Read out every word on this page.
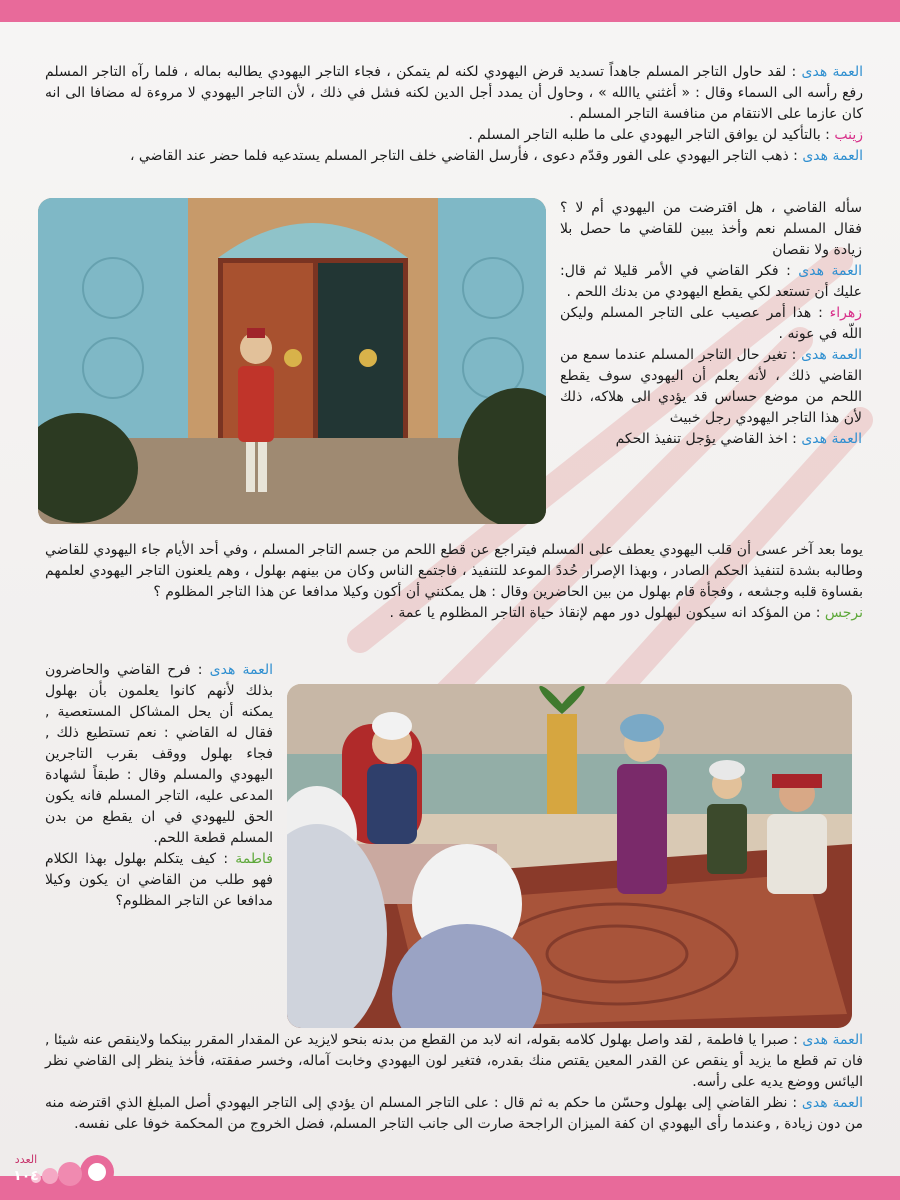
العمة هدى : لقد حاول التاجر المسلم جاهداً تسديد قرض اليهودي لكنه لم يتمكن ، فجاء التاجر اليهودي يطالبه بماله ، فلما رآه التاجر المسلم رفع رأسه الى السماء وقال : « أغثني ياالله » ، وحاول أن يمدد أجل الدين لكنه فشل في ذلك ، لأن التاجر اليهودي لا مروءة له مضافا الى انه كان عازما على الانتقام من منافسة التاجر المسلم .

زينب : بالتأكيد لن يوافق التاجر اليهودي على ما طلبه التاجر المسلم .

العمة هدى : ذهب التاجر اليهودي على الفور وقدّم دعوى ، فأرسل القاضي خلف التاجر المسلم يستدعيه فلما حضر عند القاضي ،

سأله القاضي ، هل اقترضت من اليهودي أم لا ؟ فقال المسلم نعم وأخذ يبين للقاضي ما حصل بلا زيادة ولا نقصان

العمة هدى : فكر القاضي في الأمر قليلا ثم قال: عليك أن تستعد لكي يقطع اليهودي من بدنك اللحم .

زهراء : هذا أمر عصيب على التاجر المسلم وليكن اللّه في عونه .

العمة هدى : تغير حال التاجر المسلم عندما سمع من القاضي ذلك ، لأنه يعلم أن اليهودي سوف يقطع اللحم من موضع حساس قد يؤدي الى هلاكه، ذلك لأن هذا التاجر اليهودي رجل خبيث

العمة هدى : اخذ القاضي يؤجل تنفيذ الحكم

يوما بعد آخر عسى أن قلب اليهودي يعطف على المسلم فيتراجع عن قطع اللحم من جسم التاجر المسلم ، وفي أحد الأيام جاء اليهودي للقاضي وطالبه بشدة لتنفيذ الحكم الصادر ، وبهذا الإصرار حُددً الموعد للتنفيذ ، فاجتمع الناس وكان من بينهم بهلول ، وهم يلعنون التاجر اليهودي لعلمهم بقساوة قلبه وجشعه ، وفجأة قام بهلول من بين الحاضرين وقال : هل يمكنني أن أكون وكيلا مدافعا عن هذا التاجر المظلوم ؟

نرجس : من المؤكد انه سيكون لبهلول دور مهم لإنقاذ حياة التاجر المظلوم يا عمة .

العمة هدى : فرح القاضي والحاضرون بذلك لأنهم كانوا يعلمون بأن بهلول يمكنه أن يحل المشاكل المستعصية , فقال له القاضي : نعم تستطيع ذلك , فجاء بهلول ووقف بقرب التاجرين اليهودي والمسلم وقال : طبقاً لشهادة المدعى عليه، التاجر المسلم فانه يكون الحق لليهودي في ان يقطع من بدن المسلم قطعة اللحم.

فاطمة : كيف يتكلم بهلول بهذا الكلام فهو طلب من القاضي ان يكون وكيلا مدافعا عن التاجر المظلوم؟

العمة هدى : صبرا يا فاطمة , لقد واصل بهلول كلامه بقوله، انه لابد من القطع من بدنه بنحو لايزيد عن المقدار المقرر بينكما ولاينقص عنه شيئا , فان تم قطع ما يزيد أو ينقص عن القدر المعين يقتص منك بقدره، فتغير لون اليهودي وخابت آماله، وخسر صفقته، فأخذ ينظر إلى القاضي نظر اليائس ووضع يديه على رأسه.

العمة هدى : نظر القاضي إلى بهلول وحسّن ما حكم به ثم قال : على التاجر المسلم ان يؤدي إلى التاجر اليهودي أصل المبلغ الذي اقترضه منه من دون زيادة , وعندما رأى اليهودي ان كفة الميزان الراجحة صارت الى جانب التاجر المسلم، فضل الخروج من المحكمة خوفا على نفسه.

العدد
١٠٤
